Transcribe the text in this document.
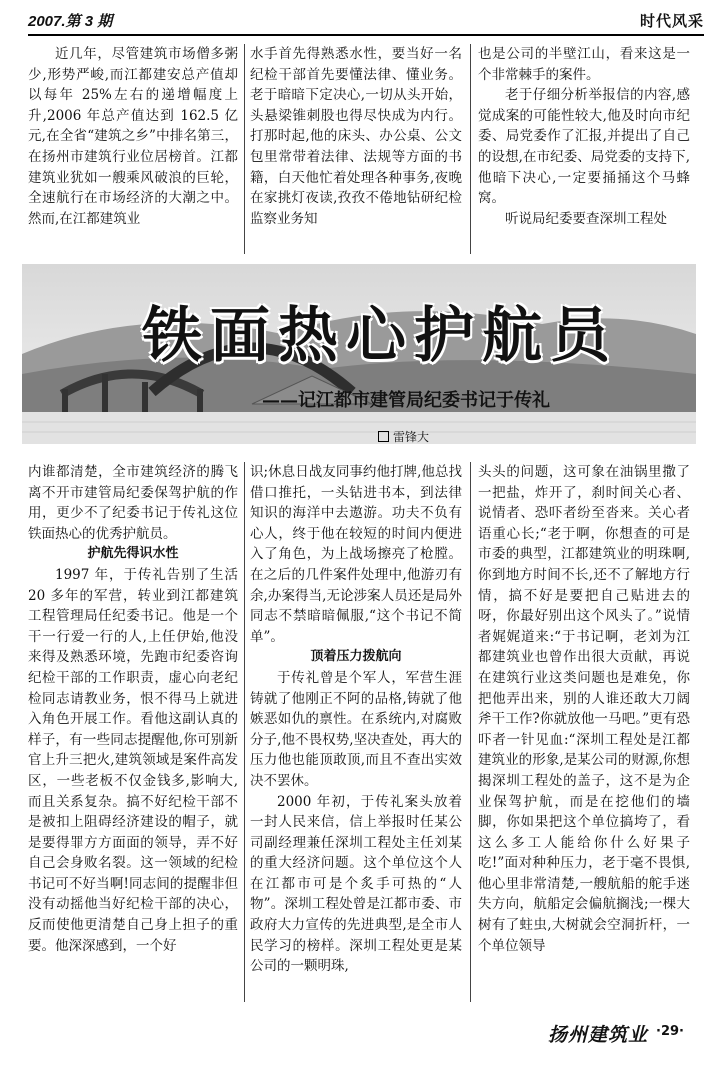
2007.第 3 期	时代风采

近几年，尽管建筑市场僧多粥少,形势严峻,而江都建安总产值却以每年 25%左右的递增幅度上升,2006 年总产值达到 162.5 亿元,在全省“建筑之乡”中排名第三，在扬州市建筑行业位居榜首。江都建筑业犹如一艘乘风破浪的巨轮，全速航行在市场经济的大潮之中。然而,在江都建筑业

水手首先得熟悉水性，要当好一名纪检干部首先要懂法律、懂业务。老于暗暗下定决心,一切从头开始，头悬梁锥刺股也得尽快成为内行。打那时起,他的床头、办公桌、公文包里常带着法律、法规等方面的书籍，白天他忙着处理各种事务,夜晚在家挑灯夜读,孜孜不倦地钻研纪检监察业务知

也是公司的半壁江山，看来这是一个非常棘手的案件。

老于仔细分析举报信的内容,感觉成案的可能性较大,他及时向市纪委、局党委作了汇报,并提出了自己的设想,在市纪委、局党委的支持下,他暗下决心,一定要捅捅这个马蜂窝。

听说局纪委要查深圳工程处

铁面热心护航员
——记江都市建管局纪委书记于传礼
雷锋大

内谁都清楚，全市建筑经济的腾飞离不开市建管局纪委保驾护航的作用，更少不了纪委书记于传礼这位铁面热心的优秀护航员。

护航先得识水性

1997 年，于传礼告别了生活 20 多年的军营，转业到江都建筑工程管理局任纪委书记。他是一个干一行爱一行的人,上任伊始,他没来得及熟悉环境，先跑市纪委咨询纪检干部的工作职责，虚心向老纪检同志请教业务，恨不得马上就进入角色开展工作。看他这副认真的样子，有一些同志提醒他,你可别新官上升三把火,建筑领域是案件高发区，一些老板不仅金钱多,影响大,而且关系复杂。搞不好纪检干部不是被扣上阻碍经济建设的帽子，就是要得罪方方面面的领导，弄不好自己会身败名裂。这一领域的纪检书记可不好当啊!同志间的提醒非但没有动摇他当好纪检干部的决心，反而使他更清楚自己身上担子的重要。他深深感到，一个好

识;休息日战友同事约他打牌,他总找借口推托，一头钻进书本，到法律知识的海洋中去遨游。功夫不负有心人，终于他在较短的时间内便进入了角色，为上战场擦亮了枪膛。在之后的几件案件处理中,他游刃有余,办案得当,无论涉案人员还是局外同志不禁暗暗佩服,“这个书记不简单”。

顶着压力拨航向

于传礼曾是个军人，军营生涯铸就了他刚正不阿的品格,铸就了他嫉恶如仇的禀性。在系统内,对腐败分子,他不畏权势,坚决查处，再大的压力他也能顶敢顶,而且不查出实效决不罢休。

2000 年初，于传礼案头放着一封人民来信，信上举报时任某公司副经理兼任深圳工程处主任刘某的重大经济问题。这个单位这个人在江都市可是个炙手可热的“人物”。深圳工程处曾是江都市委、市政府大力宣传的先进典型,是全市人民学习的榜样。深圳工程处更是某公司的一颗明珠,

头头的问题，这可象在油锅里撒了一把盐，炸开了，刹时间关心者、说情者、恐吓者纷至沓来。关心者语重心长;“老于啊，你想查的可是市委的典型，江都建筑业的明珠啊,你到地方时间不长,还不了解地方行情，搞不好是要把自己贴进去的呀，你最好别出这个风头了。”说情者娓娓道来:“于书记啊，老刘为江都建筑业也曾作出很大贡献，再说在建筑行业这类问题也是难免，你把他弄出来，别的人谁还敢大刀阔斧干工作?你就放他一马吧。”更有恐吓者一针见血:“深圳工程处是江都建筑业的形象,是某公司的财源,你想揭深圳工程处的盖子，这不是为企业保驾护航，而是在挖他们的墙脚，你如果把这个单位搞垮了，看这么多工人能给你什么好果子吃!”面对种种压力，老于毫不畏惧,他心里非常清楚,一艘航船的舵手迷失方向，航船定会偏航搁浅;一棵大树有了蛀虫,大树就会空洞折杆，一个单位领导

扬州建筑业 ·29·
